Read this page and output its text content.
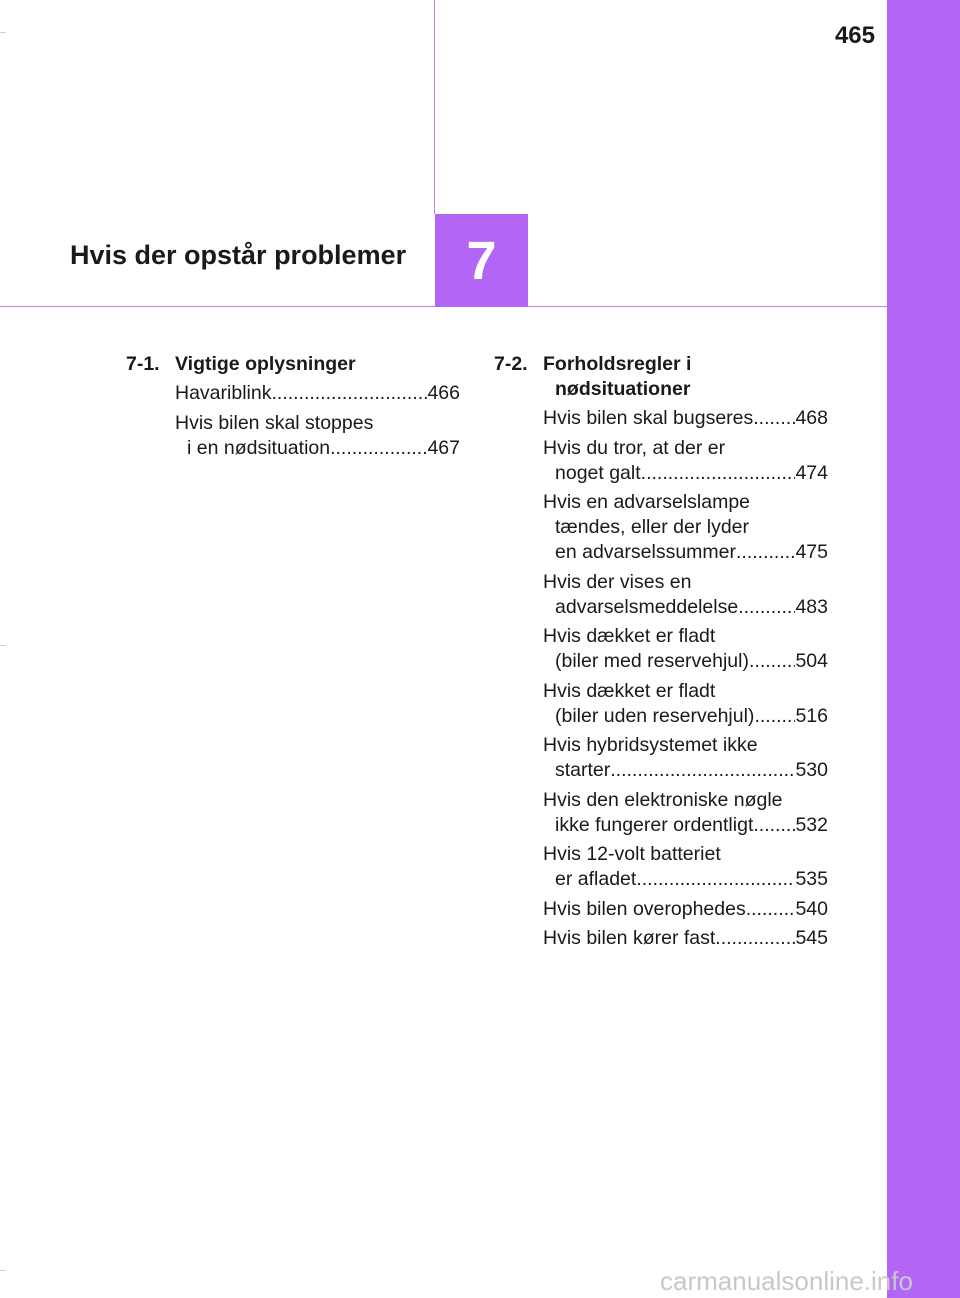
465
Hvis der opstår problemer 7
7-1. Vigtige oplysninger
Havariblink .....	466
Hvis bilen skal stoppes
i en nødsituation .....	467
7-2. Forholdsregler i
nødsituationer
Hvis bilen skal bugseres ..... 468
Hvis du tror, at der er
noget galt .....	474
Hvis en advarselslampe
tændes, eller der lyder
en advarselssummer .....	475
Hvis der vises en
advarselsmeddelelse .....	483
Hvis dækket er fladt
(biler med reservehjul) ..... 504
Hvis dækket er fladt
(biler uden reservehjul) ..... 516
Hvis hybridsystemet ikke
starter .....	530
Hvis den elektroniske nøgle
ikke fungerer ordentligt ..... 532
Hvis 12-volt batteriet
er afladet .....	535
Hvis bilen overophedes .....	540
Hvis bilen kører fast .....	545
carmanualsonline.info
